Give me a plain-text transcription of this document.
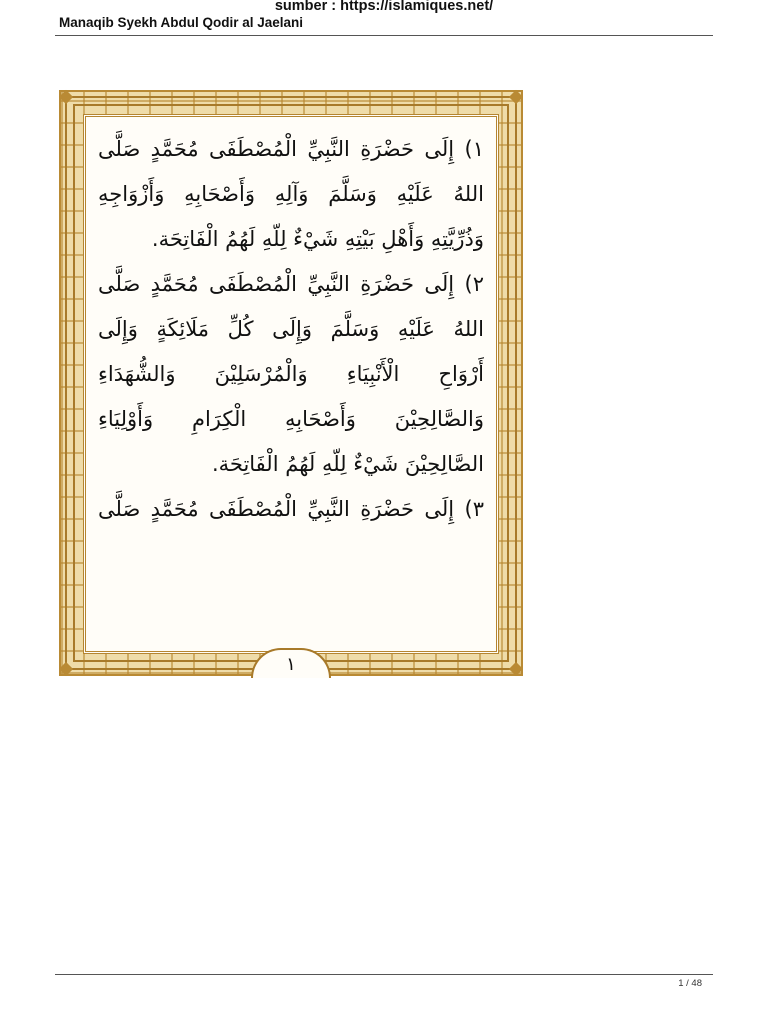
sumber : https://islamiques.net/
Manaqib Syekh Abdul Qodir al Jaelani
١) إِلَى حَضْرَةِ النَّبِيِّ الْمُصْطَفَى مُحَمَّدٍ صَلَّى
اللهُ عَلَيْهِ وَسَلَّمَ وَآلِهِ وَأَصْحَابِهِ وَأَزْوَاجِهِ
وَذُرِّيَّتِهِ وَأَهْلِ بَيْتِهِ شَيْءٌ لِلّهِ لَهُمُ الْفَاتِحَة.
٢) إِلَى حَضْرَةِ النَّبِيِّ الْمُصْطَفَى مُحَمَّدٍ صَلَّى
اللهُ عَلَيْهِ وَسَلَّمَ وَإِلَى كُلِّ مَلَائِكَةٍ وَإِلَى
أَرْوَاحِ الْأَنْبِيَاءِ وَالْمُرْسَلِيْنَ وَالشُّهَدَاءِ
وَالصَّالِحِيْنَ وَأَصْحَابِهِ الْكِرَامِ وَأَوْلِيَاءِ
الصَّالِحِيْنَ شَيْءٌ لِلّهِ لَهُمُ الْفَاتِحَة.
٣) إِلَى حَضْرَةِ النَّبِيِّ الْمُصْطَفَى مُحَمَّدٍ صَلَّى
١
1 / 48
